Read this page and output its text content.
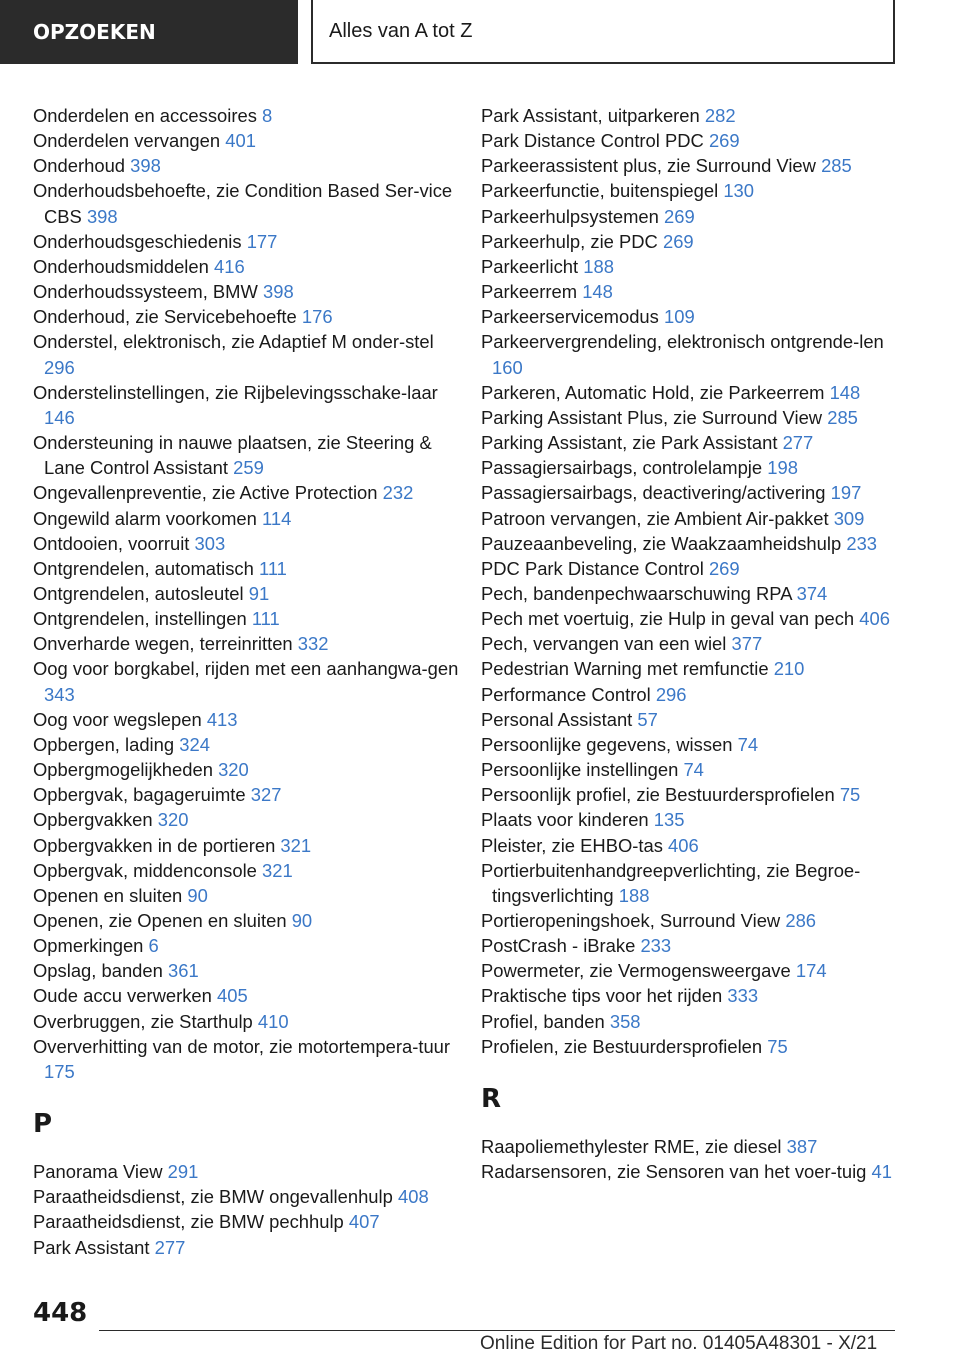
OPZOEKEN	Alles van A tot Z
Onderdelen en accessoires 8
Onderdelen vervangen 401
Onderhoud 398
Onderhoudsbehoefte, zie Condition Based Ser-vice CBS 398
Onderhoudsgeschiedenis 177
Onderhoudsmiddelen 416
Onderhoudssysteem, BMW 398
Onderhoud, zie Servicebehoefte 176
Onderstel, elektronisch, zie Adaptief M onder-stel 296
Onderstelinstellingen, zie Rijbelevingsschake-laar 146
Ondersteuning in nauwe plaatsen, zie Steering & Lane Control Assistant 259
Ongevallenpreventie, zie Active Protection 232
Ongewild alarm voorkomen 114
Ontdooien, voorruit 303
Ontgrendelen, automatisch 111
Ontgrendelen, autosleutel 91
Ontgrendelen, instellingen 111
Onverharde wegen, terreinritten 332
Oog voor borgkabel, rijden met een aanhangwa-gen 343
Oog voor wegslepen 413
Opbergen, lading 324
Opbergmogelijkheden 320
Opbergvak, bagageruimte 327
Opbergvakken 320
Opbergvakken in de portieren 321
Opbergvak, middenconsole 321
Openen en sluiten 90
Openen, zie Openen en sluiten 90
Opmerkingen 6
Opslag, banden 361
Oude accu verwerken 405
Overbruggen, zie Starthulp 410
Oververhitting van de motor, zie motortempera-tuur 175
P
Panorama View 291
Paraatheidsdienst, zie BMW ongevallenhulp 408
Paraatheidsdienst, zie BMW pechhulp 407
Park Assistant 277
Park Assistant, uitparkeren 282
Park Distance Control PDC 269
Parkeerassistent plus, zie Surround View 285
Parkeerfunctie, buitenspiegel 130
Parkeerhulpsystemen 269
Parkeerhulp, zie PDC 269
Parkeerlicht 188
Parkeerrem 148
Parkeerservicemodus 109
Parkeervergrendeling, elektronisch ontgrende-len 160
Parkeren, Automatic Hold, zie Parkeerrem 148
Parking Assistant Plus, zie Surround View 285
Parking Assistant, zie Park Assistant 277
Passagiersairbags, controlelampje 198
Passagiersairbags, deactivering/activering 197
Patroon vervangen, zie Ambient Air-pakket 309
Pauzeaanbeveling, zie Waakzaamheidshulp 233
PDC Park Distance Control 269
Pech, bandenpechwaarschuwing RPA 374
Pech met voertuig, zie Hulp in geval van pech 406
Pech, vervangen van een wiel 377
Pedestrian Warning met remfunctie 210
Performance Control 296
Personal Assistant 57
Persoonlijke gegevens, wissen 74
Persoonlijke instellingen 74
Persoonlijk profiel, zie Bestuurdersprofielen 75
Plaats voor kinderen 135
Pleister, zie EHBO-tas 406
Portierbuitenhandgreepverlichting, zie Begroe-tingsverlichting 188
Portieropeningshoek, Surround View 286
PostCrash - iBrake 233
Powermeter, zie Vermogensweergave 174
Praktische tips voor het rijden 333
Profiel, banden 358
Profielen, zie Bestuurdersprofielen 75
R
Raapoliemethylester RME, zie diesel 387
Radarsensoren, zie Sensoren van het voer-tuig 41
448
Online Edition for Part no. 01405A48301 - X/21
